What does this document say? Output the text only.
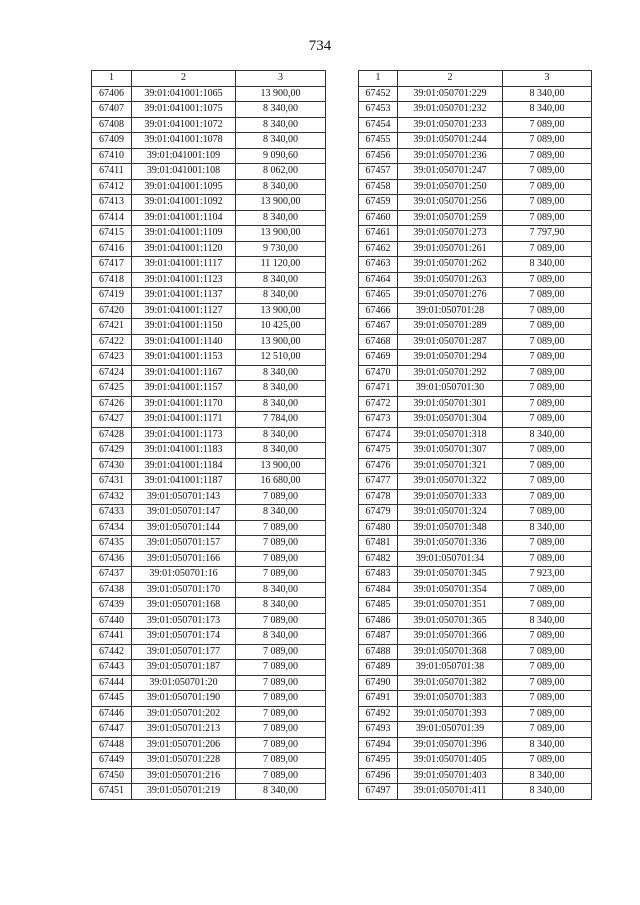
734
1	2	3
67406	39:01:041001:1065	13 900,00
67407	39:01:041001:1075	8 340,00
67408	39:01:041001:1072	8 340,00
67409	39:01:041001:1078	8 340,00
67410	39:01:041001:109	9 090,60
67411	39:01:041001:108	8 062,00
67412	39:01:041001:1095	8 340,00
67413	39:01:041001:1092	13 900,00
67414	39:01:041001:1104	8 340,00
67415	39:01:041001:1109	13 900,00
67416	39:01:041001:1120	9 730,00
67417	39:01:041001:1117	11 120,00
67418	39:01:041001:1123	8 340,00
67419	39:01:041001:1137	8 340,00
67420	39:01:041001:1127	13 900,00
67421	39:01:041001:1150	10 425,00
67422	39:01:041001:1140	13 900,00
67423	39:01:041001:1153	12 510,00
67424	39:01:041001:1167	8 340,00
67425	39:01:041001:1157	8 340,00
67426	39:01:041001:1170	8 340,00
67427	39:01:041001:1171	7 784,00
67428	39:01:041001:1173	8 340,00
67429	39:01:041001:1183	8 340,00
67430	39:01:041001:1184	13 900,00
67431	39:01:041001:1187	16 680,00
67432	39:01:050701:143	7 089,00
67433	39:01:050701:147	8 340,00
67434	39:01:050701:144	7 089,00
67435	39:01:050701:157	7 089,00
67436	39:01:050701:166	7 089,00
67437	39:01:050701:16	7 089,00
67438	39:01:050701:170	8 340,00
67439	39:01:050701:168	8 340,00
67440	39:01:050701:173	7 089,00
67441	39:01:050701:174	8 340,00
67442	39:01:050701:177	7 089,00
67443	39:01:050701:187	7 089,00
67444	39:01:050701:20	7 089,00
67445	39:01:050701:190	7 089,00
67446	39:01:050701:202	7 089,00
67447	39:01:050701:213	7 089,00
67448	39:01:050701:206	7 089,00
67449	39:01:050701:228	7 089,00
67450	39:01:050701:216	7 089,00
67451	39:01:050701:219	8 340,00
1	2	3
67452	39:01:050701:229	8 340,00
67453	39:01:050701:232	8 340,00
67454	39:01:050701:233	7 089,00
67455	39:01:050701:244	7 089,00
67456	39:01:050701:236	7 089,00
67457	39:01:050701:247	7 089,00
67458	39:01:050701:250	7 089,00
67459	39:01:050701:256	7 089,00
67460	39:01:050701:259	7 089,00
67461	39:01:050701:273	7 797,90
67462	39:01:050701:261	7 089,00
67463	39:01:050701:262	8 340,00
67464	39:01:050701:263	7 089,00
67465	39:01:050701:276	7 089,00
67466	39:01:050701:28	7 089,00
67467	39:01:050701:289	7 089,00
67468	39:01:050701:287	7 089,00
67469	39:01:050701:294	7 089,00
67470	39:01:050701:292	7 089,00
67471	39:01:050701:30	7 089,00
67472	39:01:050701:301	7 089,00
67473	39:01:050701:304	7 089,00
67474	39:01:050701:318	8 340,00
67475	39:01:050701:307	7 089,00
67476	39:01:050701:321	7 089,00
67477	39:01:050701:322	7 089,00
67478	39:01:050701:333	7 089,00
67479	39:01:050701:324	7 089,00
67480	39:01:050701:348	8 340,00
67481	39:01:050701:336	7 089,00
67482	39:01:050701:34	7 089,00
67483	39:01:050701:345	7 923,00
67484	39:01:050701:354	7 089,00
67485	39:01:050701:351	7 089,00
67486	39:01:050701:365	8 340,00
67487	39:01:050701:366	7 089,00
67488	39:01:050701:368	7 089,00
67489	39:01:050701:38	7 089,00
67490	39:01:050701:382	7 089,00
67491	39:01:050701:383	7 089,00
67492	39:01:050701:393	7 089,00
67493	39:01:050701:39	7 089,00
67494	39:01:050701:396	8 340,00
67495	39:01:050701:405	7 089,00
67496	39:01:050701:403	8 340,00
67497	39:01:050701:411	8 340,00
